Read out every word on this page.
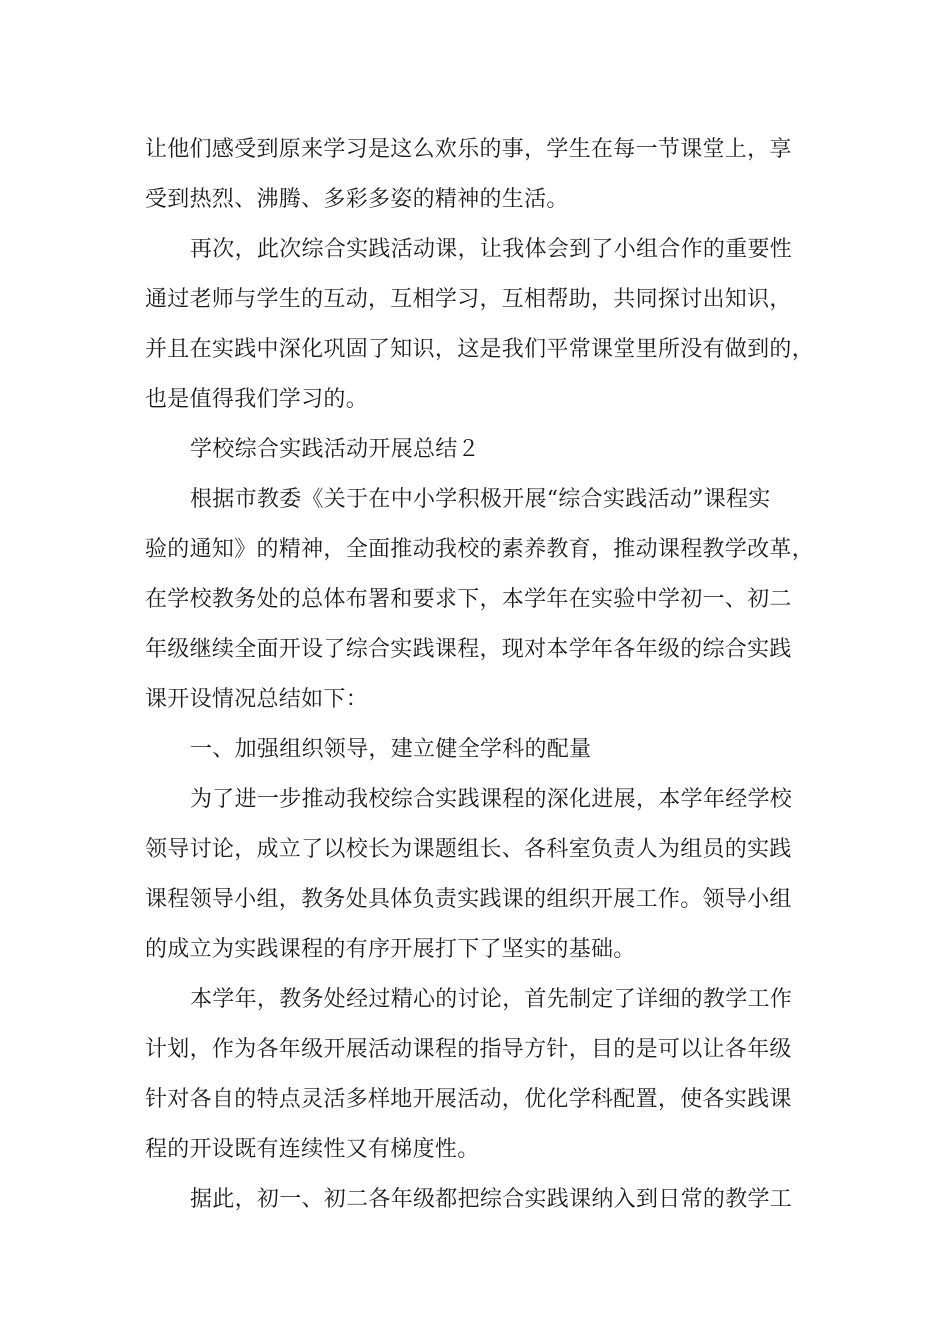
让他们感受到原来学习是这么欢乐的事，学生在每一节课堂上，享
受到热烈、沸腾、多彩多姿的精神的生活。
再次，此次综合实践活动课，让我体会到了小组合作的重要性
通过老师与学生的互动，互相学习，互相帮助，共同探讨出知识，
并且在实践中深化巩固了知识，这是我们平常课堂里所没有做到的，
也是值得我们学习的。
学校综合实践活动开展总结２
根据市教委《关于在中小学积极开展“综合实践活动”课程实
验的通知》的精神，全面推动我校的素养教育，推动课程教学改革，
在学校教务处的总体布署和要求下，本学年在实验中学初一、初二
年级继续全面开设了综合实践课程，现对本学年各年级的综合实践
课开设情况总结如下：
一、加强组织领导，建立健全学科的配量
为了进一步推动我校综合实践课程的深化进展，本学年经学校
领导讨论，成立了以校长为课题组长、各科室负责人为组员的实践
课程领导小组，教务处具体负责实践课的组织开展工作。领导小组
的成立为实践课程的有序开展打下了坚实的基础。
本学年，教务处经过精心的讨论，首先制定了详细的教学工作
计划，作为各年级开展活动课程的指导方针，目的是可以让各年级
针对各自的特点灵活多样地开展活动，优化学科配置，使各实践课
程的开设既有连续性又有梯度性。
据此，初一、初二各年级都把综合实践课纳入到日常的教学工
